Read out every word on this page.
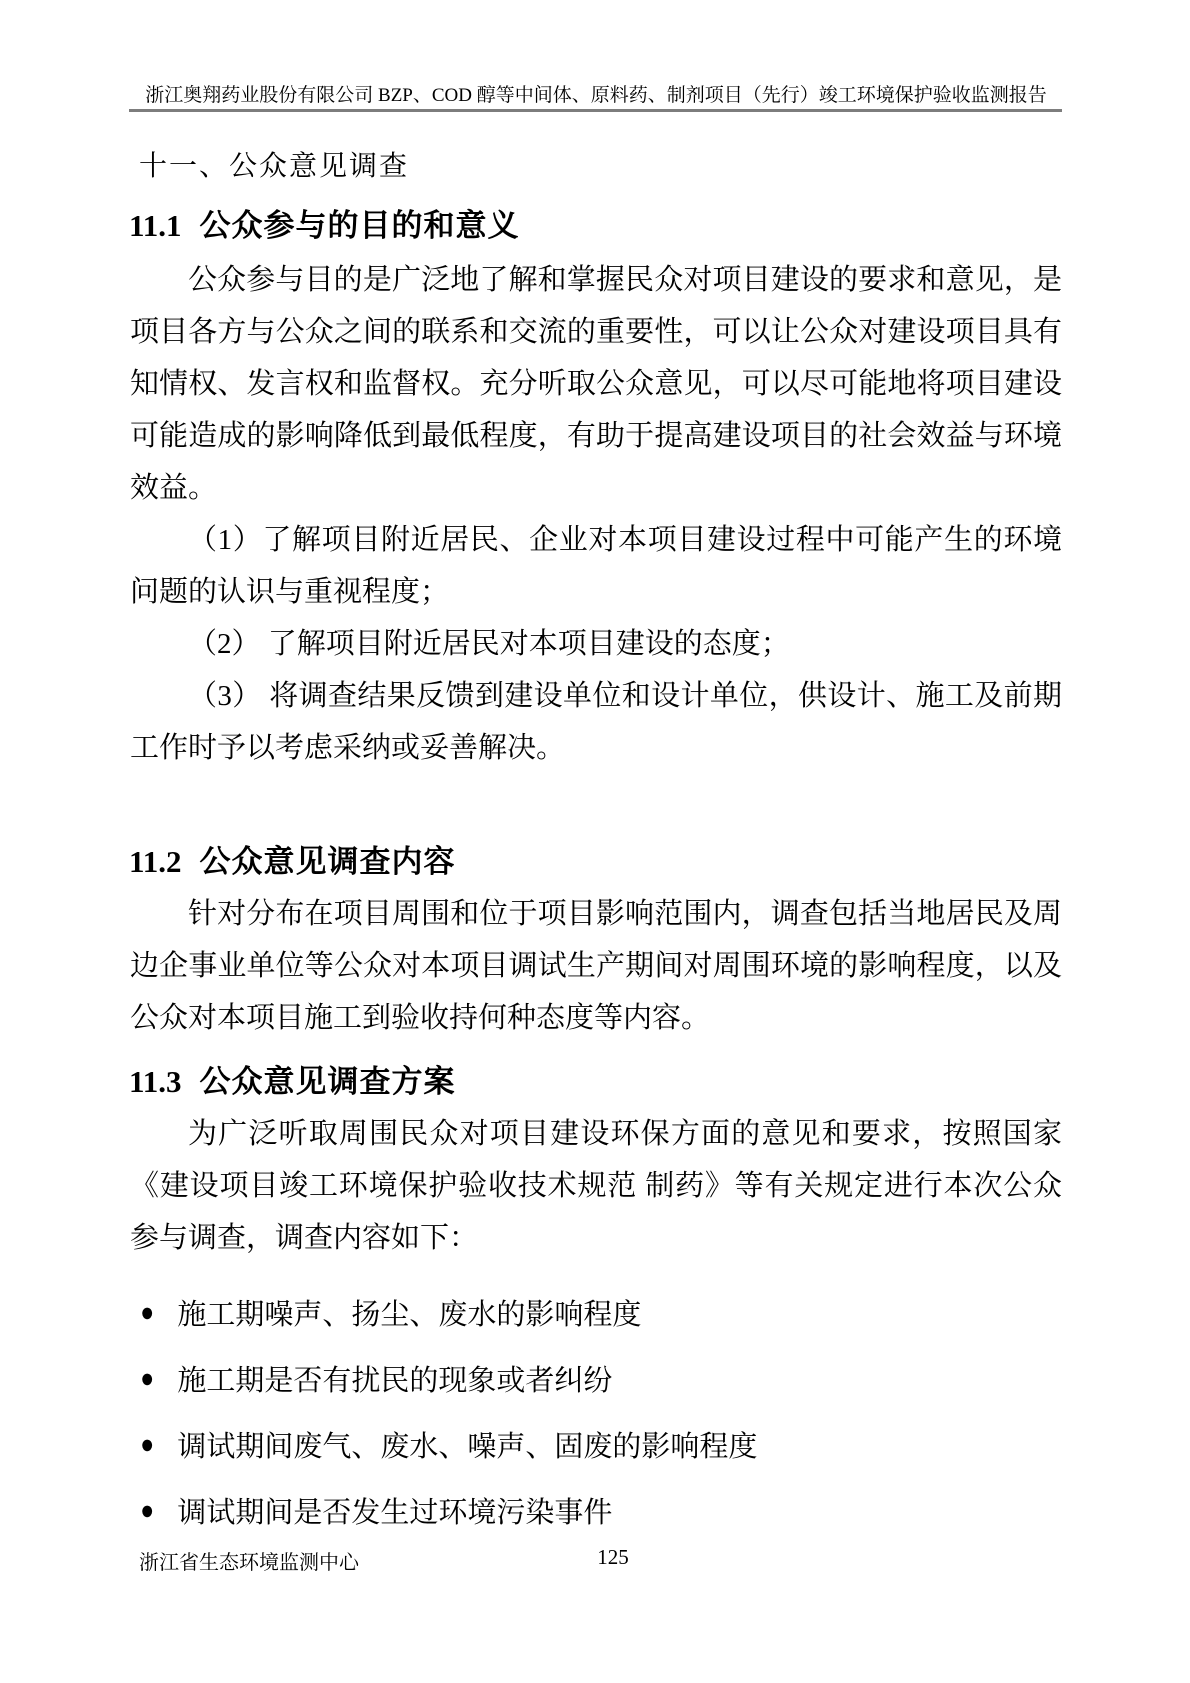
浙江奥翔药业股份有限公司 BZP、COD 醇等中间体、原料药、制剂项目（先行）竣工环境保护验收监测报告
十一、公众意见调查
11.1 公众参与的目的和意义

公众参与目的是广泛地了解和掌握民众对项目建设的要求和意见，是项目各方与公众之间的联系和交流的重要性，可以让公众对建设项目具有知情权、发言权和监督权。充分听取公众意见，可以尽可能地将项目建设可能造成的影响降低到最低程度，有助于提高建设项目的社会效益与环境效益。

（1）了解项目附近居民、企业对本项目建设过程中可能产生的环境问题的认识与重视程度；

（2） 了解项目附近居民对本项目建设的态度；

（3） 将调查结果反馈到建设单位和设计单位，供设计、施工及前期工作时予以考虑采纳或妥善解决。

11.2 公众意见调查内容

针对分布在项目周围和位于项目影响范围内，调查包括当地居民及周边企事业单位等公众对本项目调试生产期间对周围环境的影响程度，以及公众对本项目施工到验收持何种态度等内容。

11.3 公众意见调查方案

为广泛听取周围民众对项目建设环保方面的意见和要求，按照国家《建设项目竣工环境保护验收技术规范 制药》等有关规定进行本次公众参与调查，调查内容如下：

● 施工期噪声、扬尘、废水的影响程度
● 施工期是否有扰民的现象或者纠纷
● 调试期间废气、废水、噪声、固废的影响程度
● 调试期间是否发生过环境污染事件
浙江省生态环境监测中心	125
